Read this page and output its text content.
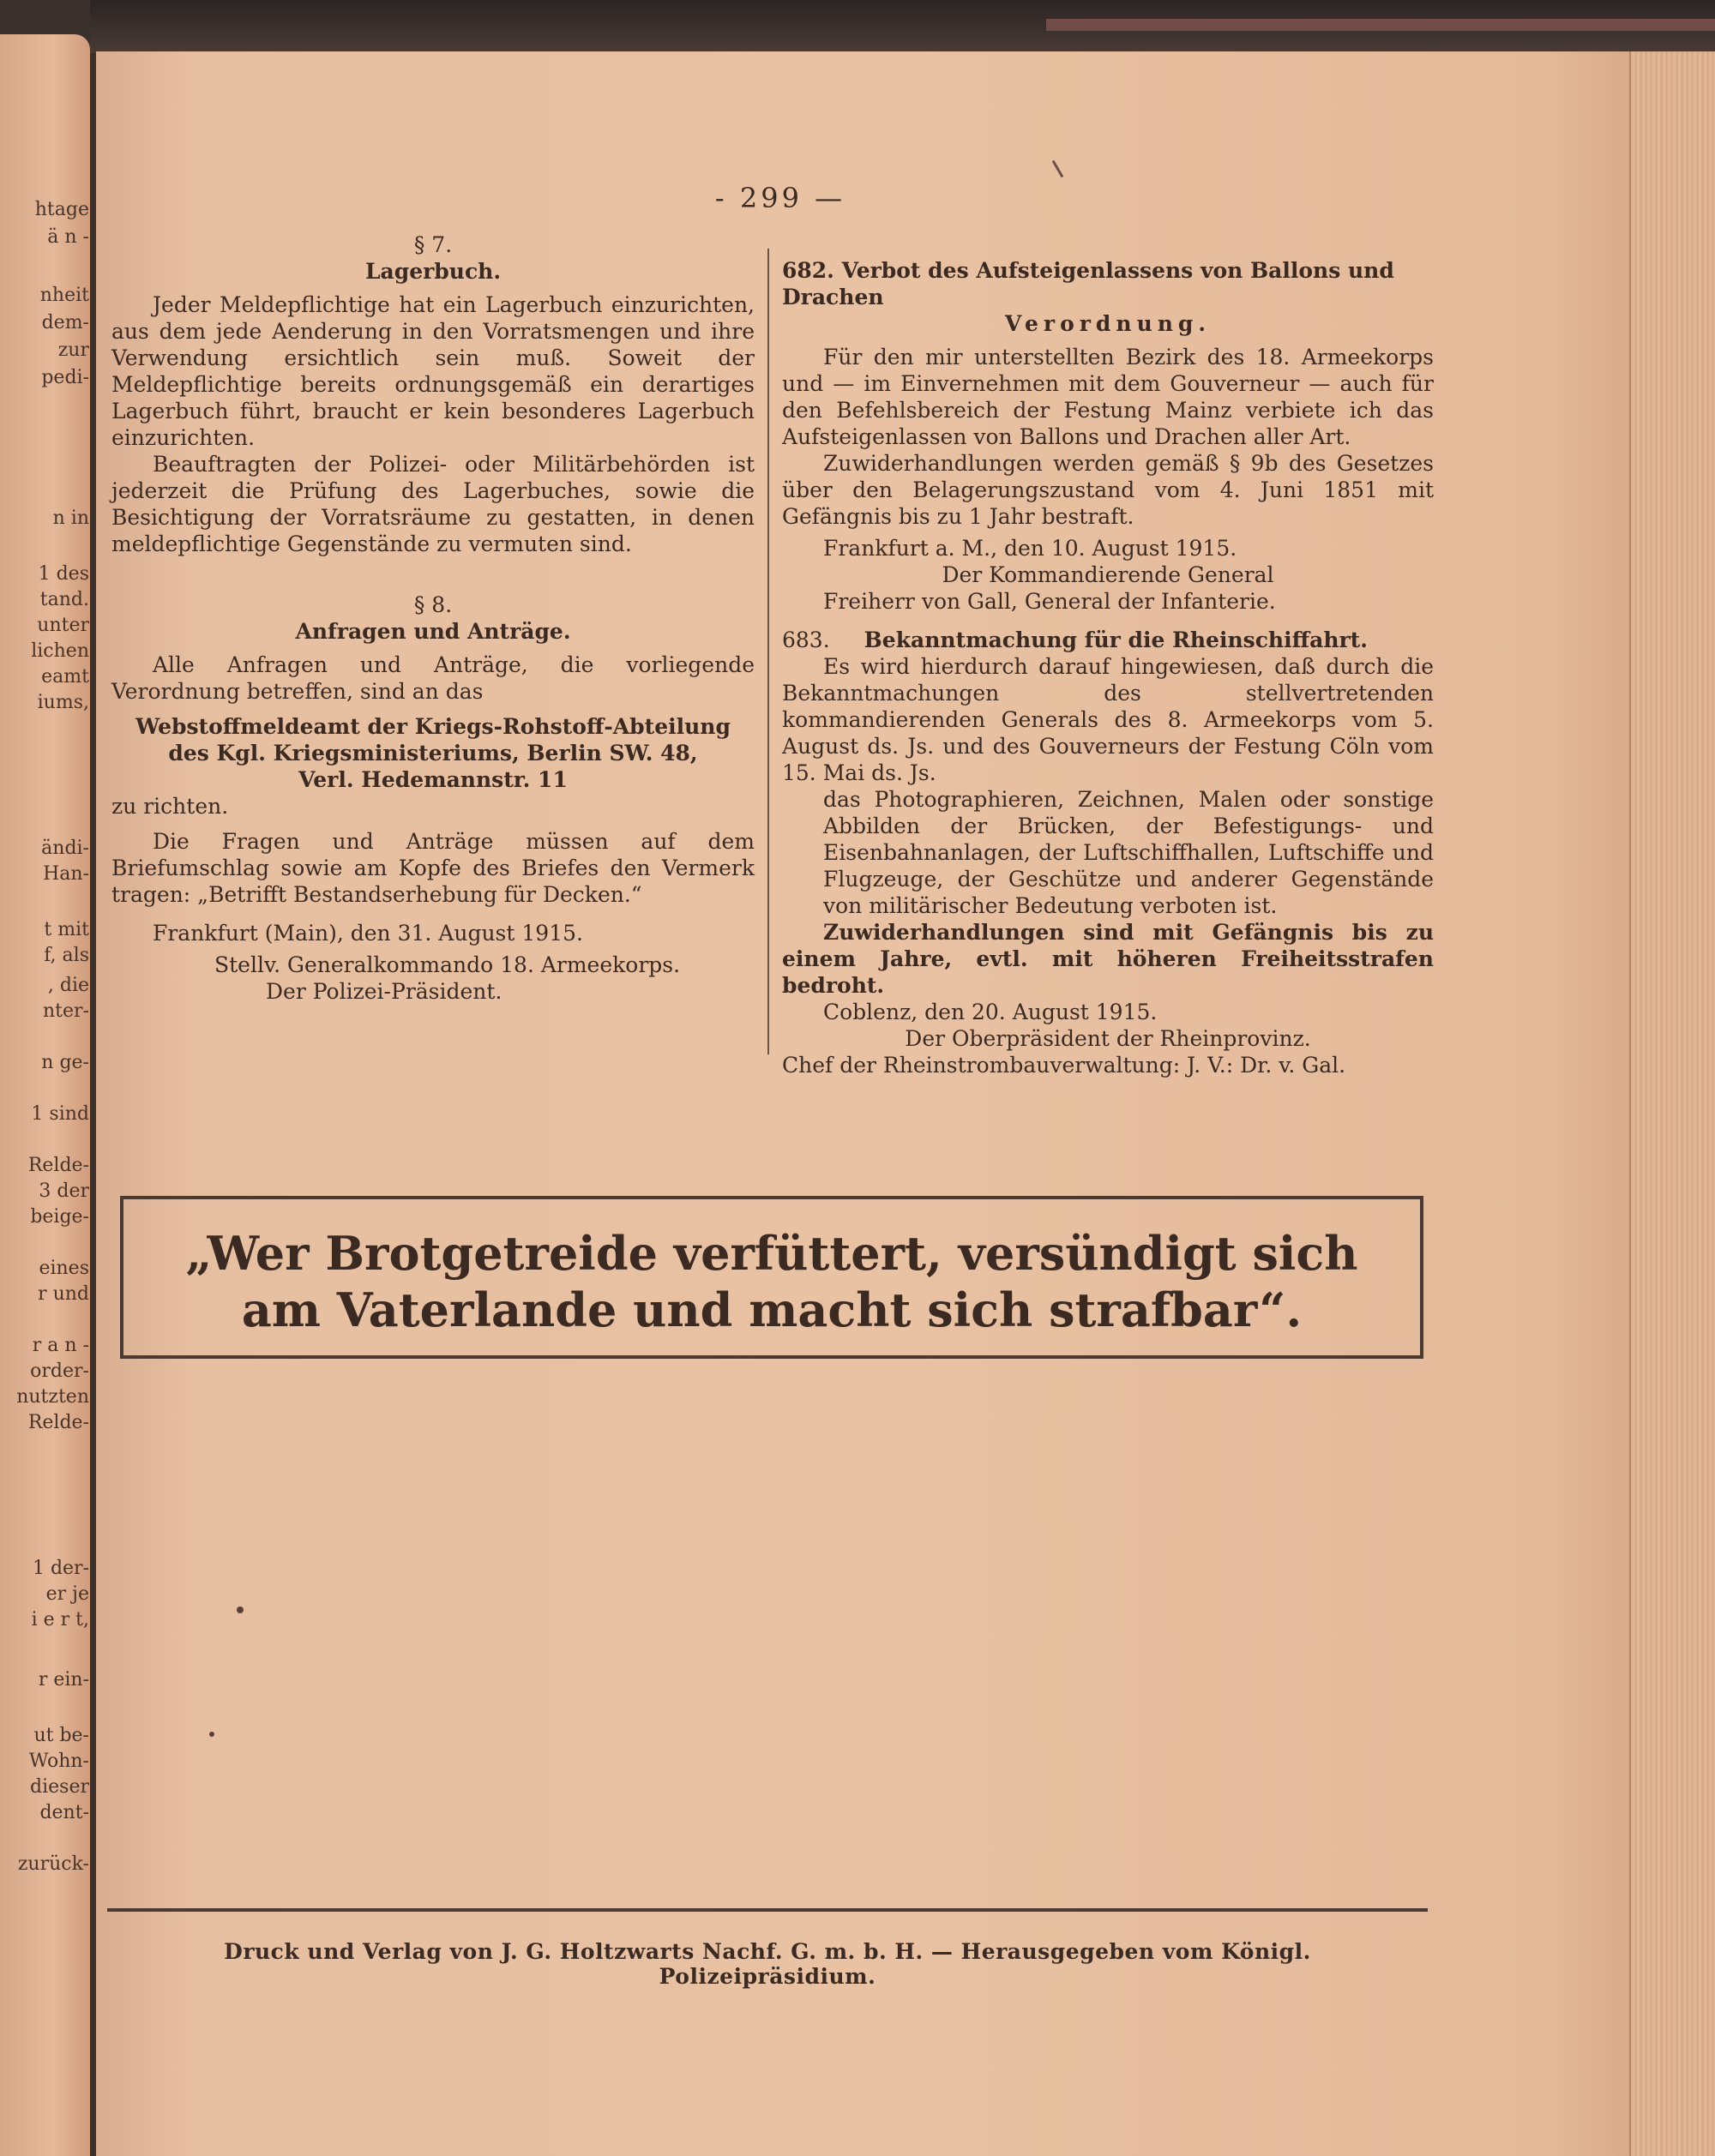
htage
ä n -
nheit
dem-
zur
pedi-
n in
1 des
tand.
unter
lichen
eamt
iums,
ändi-
Han-
t mit
f, als
, die
nter-
n ge-
1 sind
Relde-
3 der
beige-
eines
r und
r a n -
order-
nutzten
Relde-
1 der-
er je
i e r t,
r ein-
ut be-
Wohn-
dieser
dent-
zurück-
- 299 —
§ 7.
Lagerbuch.
Jeder Meldepflichtige hat ein Lagerbuch einzurichten, aus dem jede Aenderung in den Vorratsmengen und ihre Verwendung ersichtlich sein muß. Soweit der Meldepflichtige bereits ordnungsgemäß ein derartiges Lagerbuch führt, braucht er kein besonderes Lagerbuch einzurichten.
Beauftragten der Polizei- oder Militärbehörden ist jederzeit die Prüfung des Lagerbuches, sowie die Besichtigung der Vorratsräume zu gestatten, in denen meldepflichtige Gegenstände zu vermuten sind.
§ 8.
Anfragen und Anträge.
Alle Anfragen und Anträge, die vorliegende Verordnung betreffen, sind an das
Webstoffmeldeamt der Kriegs-Rohstoff-Abteilung
des Kgl. Kriegsministeriums, Berlin SW. 48,
Verl. Hedemannstr. 11
zu richten.
Die Fragen und Anträge müssen auf dem Briefumschlag sowie am Kopfe des Briefes den Vermerk tragen: „Betrifft Bestandserhebung für Decken.“
Frankfurt (Main), den 31. August 1915.
Stellv. Generalkommando 18. Armeekorps.
Der Polizei-Präsident.
682. Verbot des Aufsteigenlassens von Ballons und Drachen
Verordnung.
Für den mir unterstellten Bezirk des 18. Armeekorps und — im Einvernehmen mit dem Gouverneur — auch für den Befehlsbereich der Festung Mainz verbiete ich das Aufsteigenlassen von Ballons und Drachen aller Art.
Zuwiderhandlungen werden gemäß § 9b des Gesetzes über den Belagerungszustand vom 4. Juni 1851 mit Gefängnis bis zu 1 Jahr bestraft.
Frankfurt a. M., den 10. August 1915.
Der Kommandierende General
Freiherr von Gall, General der Infanterie.
683. Bekanntmachung für die Rheinschiffahrt.
Es wird hierdurch darauf hingewiesen, daß durch die Bekanntmachungen des stellvertretenden kommandierenden Generals des 8. Armeekorps vom 5. August ds. Js. und des Gouverneurs der Festung Cöln vom 15. Mai ds. Js.
das Photographieren, Zeichnen, Malen oder sonstige Abbilden der Brücken, der Befestigungs- und Eisenbahnanlagen, der Luftschiffhallen, Luftschiffe und Flugzeuge, der Geschütze und anderer Gegenstände von militärischer Bedeutung verboten ist.
Zuwiderhandlungen sind mit Gefängnis bis zu einem Jahre, evtl. mit höheren Freiheitsstrafen bedroht.
Coblenz, den 20. August 1915.
Der Oberpräsident der Rheinprovinz.
Chef der Rheinstrombauverwaltung: J. V.: Dr. v. Gal.
„Wer Brotgetreide verfüttert, versündigt sich
am Vaterlande und macht sich strafbar“.
Druck und Verlag von J. G. Holtzwarts Nachf. G. m. b. H. — Herausgegeben vom Königl. Polizeipräsidium.
